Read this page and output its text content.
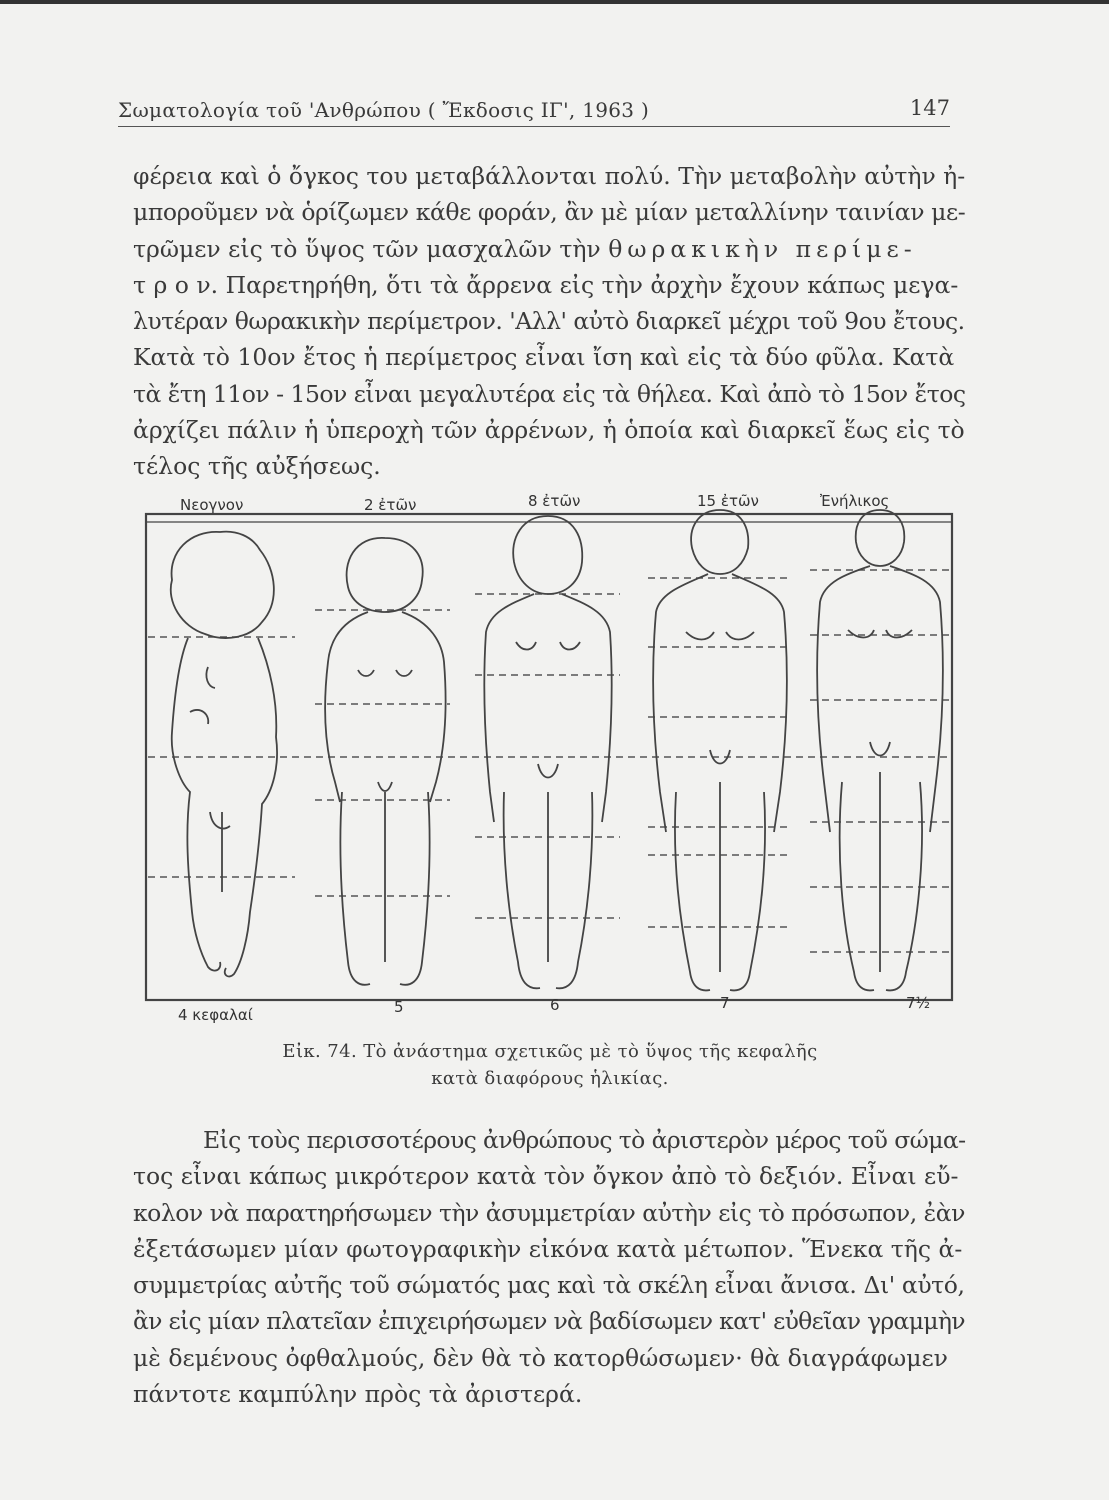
Σωματολογία τοῦ 'Ανθρώπου ( Ἔκδοσις ΙΓ', 1963 )	147
φέρεια καὶ ὁ ὄγκος του μεταβάλλονται πολύ. Τὴν μεταβολὴν αὐτὴν ἠ-
μποροῦμεν νὰ ὁρίζωμεν κάθε φοράν, ἂν μὲ μίαν μεταλλίνην ταινίαν με-
τρῶμεν εἰς τὸ ὕψος τῶν μασχαλῶν τὴν θωρακικὴν περίμε-
τ ρ ο ν. Παρετηρήθη, ὅτι τὰ ἄρρενα εἰς τὴν ἀρχὴν ἔχουν κάπως μεγα-
λυτέραν θωρακικὴν περίμετρον. 'Αλλ' αὐτὸ διαρκεῖ μέχρι τοῦ 9ου ἔτους.
Κατὰ τὸ 10ον ἔτος ἡ περίμετρος εἶναι ἴση καὶ εἰς τὰ δύο φῦλα. Κατὰ
τὰ ἔτη 11ον - 15ον εἶναι μεγαλυτέρα εἰς τὰ θήλεα. Καὶ ἀπὸ τὸ 15ον ἔτος
ἀρχίζει πάλιν ἡ ὑπεροχὴ τῶν ἀρρένων, ἡ ὁποία καὶ διαρκεῖ ἕως εἰς τὸ
τέλος τῆς αὐξήσεως.
Νεογνον	2 ἐτῶν	8 ἐτῶν	15 ἐτῶν	Ἐνήλικος
4 κεφαλαί	5	6	7	7½
Εἰκ. 74. Τὸ ἀνάστημα σχετικῶς μὲ τὸ ὕψος τῆς κεφαλῆς
κατὰ διαφόρους ἡλικίας.
Εἰς τοὺς περισσοτέρους ἀνθρώπους τὸ ἀριστερὸν μέρος τοῦ σώμα-
τος εἶναι κάπως μικρότερον κατὰ τὸν ὄγκον ἀπὸ τὸ δεξιόν. Εἶναι εὔ-
κολον νὰ παρατηρήσωμεν τὴν ἀσυμμετρίαν αὐτὴν εἰς τὸ πρόσωπον, ἐὰν
ἐξετάσωμεν μίαν φωτογραφικὴν εἰκόνα κατὰ μέτωπον. Ἕνεκα τῆς ἀ-
συμμετρίας αὐτῆς τοῦ σώματός μας καὶ τὰ σκέλη εἶναι ἄνισα. Δι' αὐτό,
ἂν εἰς μίαν πλατεῖαν ἐπιχειρήσωμεν νὰ βαδίσωμεν κατ' εὐθεῖαν γραμμὴν
μὲ δεμένους ὀφθαλμούς, δὲν θὰ τὸ κατορθώσωμεν· θὰ διαγράφωμεν
πάντοτε καμπύλην πρὸς τὰ ἀριστερά.
